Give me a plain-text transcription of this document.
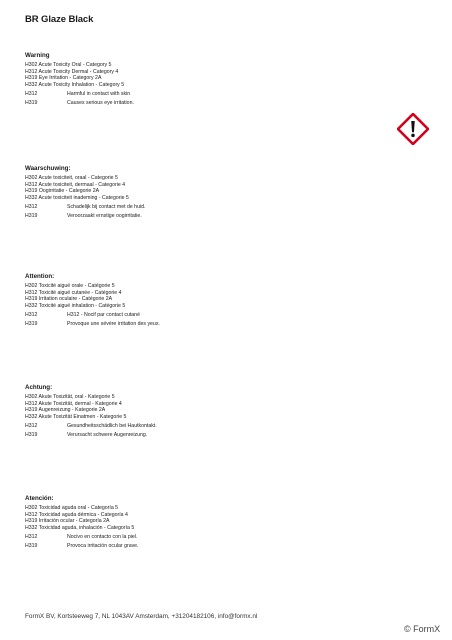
BR Glaze Black
Warning
H302 Acute Toxicity Oral - Category 5
H312 Acute Toxicity Dermal - Category 4
H319 Eye Irritation - Category 2A
H332 Acute Toxicity Inhalation - Category 5
H312	Harmful in contact with skin
H319	Causes serious eye irritation.
Waarschuwing:
H302 Acute toxiciteit, oraal - Categorie 5
H312 Acute toxiciteit, dermaal - Categorie 4
H319 Oogirritatie - Categorie 2A
H332 Acute toxiciteit inademing - Categorie 5
H312	Schadelijk bij contact met de huid.
H319	Veroorzaakt ernstige oogirritatie.
Attention:
H302 Toxicité aiguë orale - Catégorie 5
H312 Toxicité aiguë cutanée - Catégorie 4
H319 Irritation oculaire - Catégorie 2A
H332 Toxicité aiguë inhalation - Catégorie 5
H312	H312 - Nocif par contact cutané
H319	Provoque une sévère irritation des yeux.
Achtung:
H302 Akute Toxizität, oral - Kategorie 5
H312 Akute Toxizität, dermal - Kategorie 4
H319 Augenreizung - Kategorie 2A
H332 Akute Toxizität Einatmen - Kategorie 5
H312	Gesundheitsschädlich bei Hautkontakt.
H319	Verursacht schwere Augenreizung.
Atención:
H302 Toxicidad aguda oral - Categoría 5
H312 Toxicidad aguda dérmica - Categoría 4
H319 Irritación ocular - Categoría 2A
H332 Toxicidad aguda, inhalación - Categoría 5
H312	Nocivo en contacto con la piel.
H319	Provoca irritación ocular grave.
FormX BV, Kortsteeweg 7, NL 1043AV Amsterdam, +31204182106, info@formx.nl
© FormX
